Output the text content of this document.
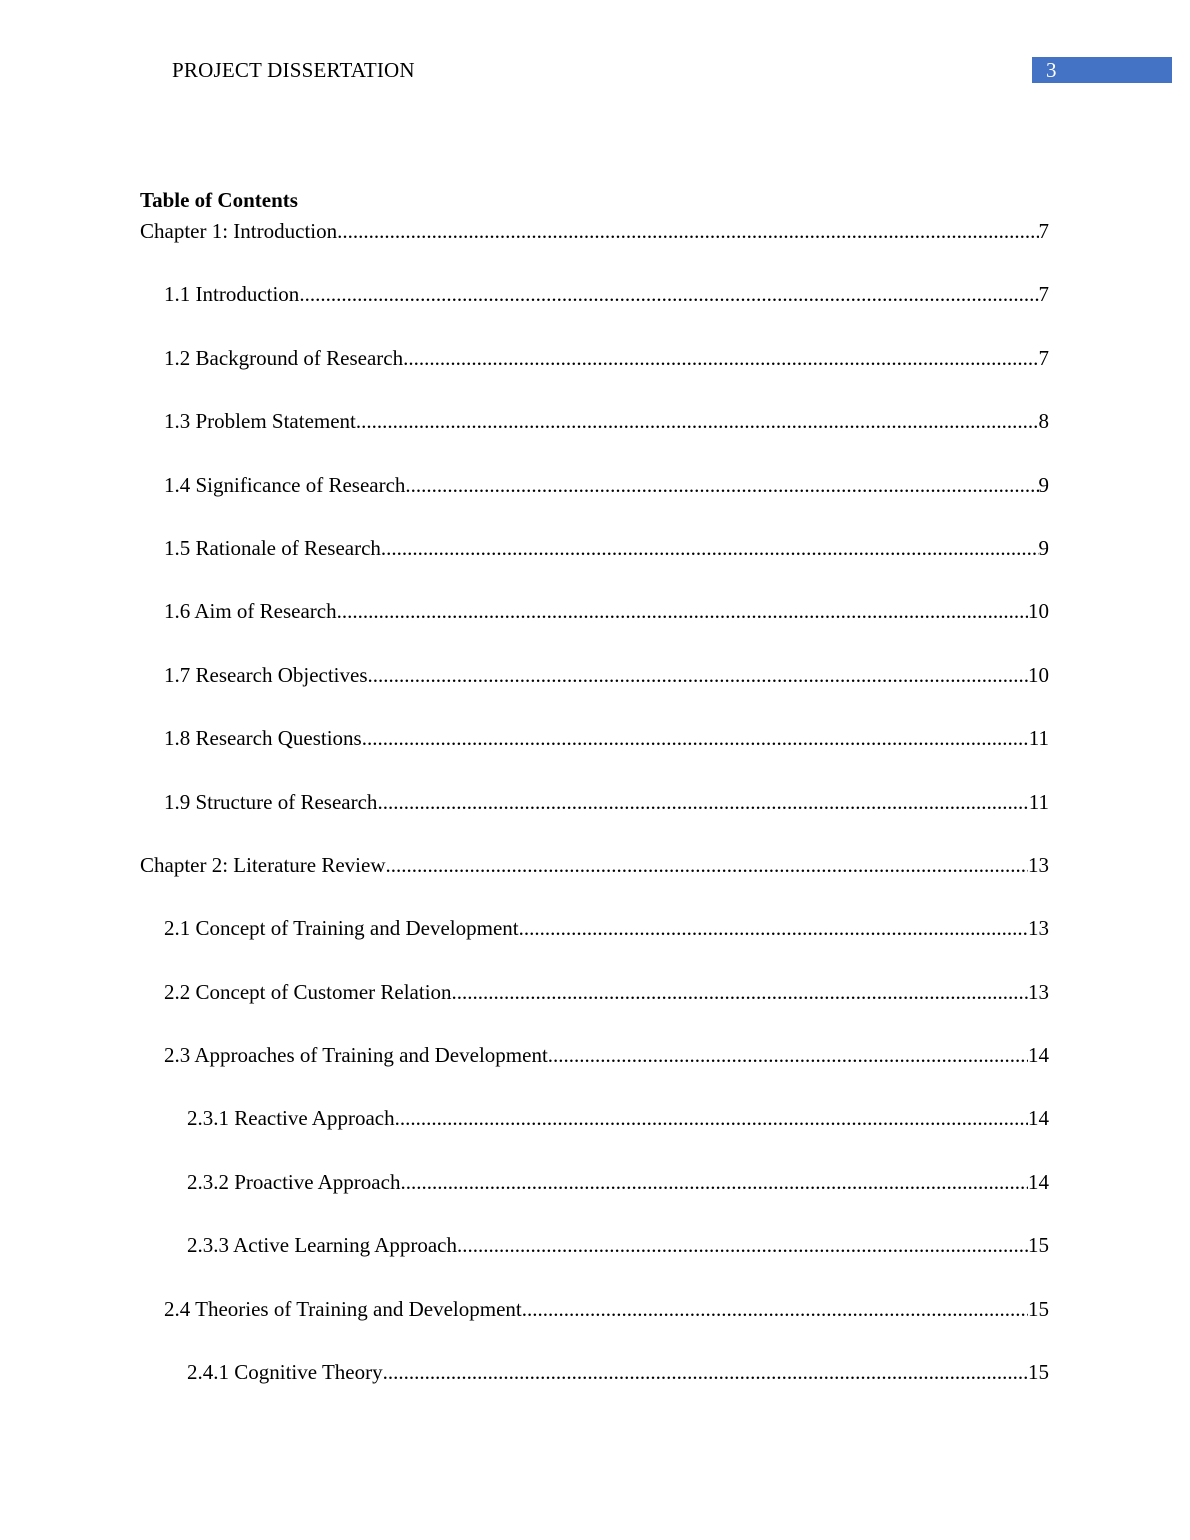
PROJECT DISSERTATION	3
Table of Contents
Chapter 1: Introduction .....	7
1.1 Introduction .....	7
1.2 Background of Research .....	7
1.3 Problem Statement .....	8
1.4 Significance of Research .....	9
1.5 Rationale of Research .....	9
1.6 Aim of Research .....	10
1.7 Research Objectives .....	10
1.8 Research Questions .....	11
1.9 Structure of Research .....	11
Chapter 2: Literature Review .....	13
2.1 Concept of Training and Development .....	13
2.2 Concept of Customer Relation .....	13
2.3 Approaches of Training and Development .....	14
2.3.1 Reactive Approach .....	14
2.3.2 Proactive Approach .....	14
2.3.3 Active Learning Approach .....	15
2.4 Theories of Training and Development .....	15
2.4.1 Cognitive Theory .....	15
